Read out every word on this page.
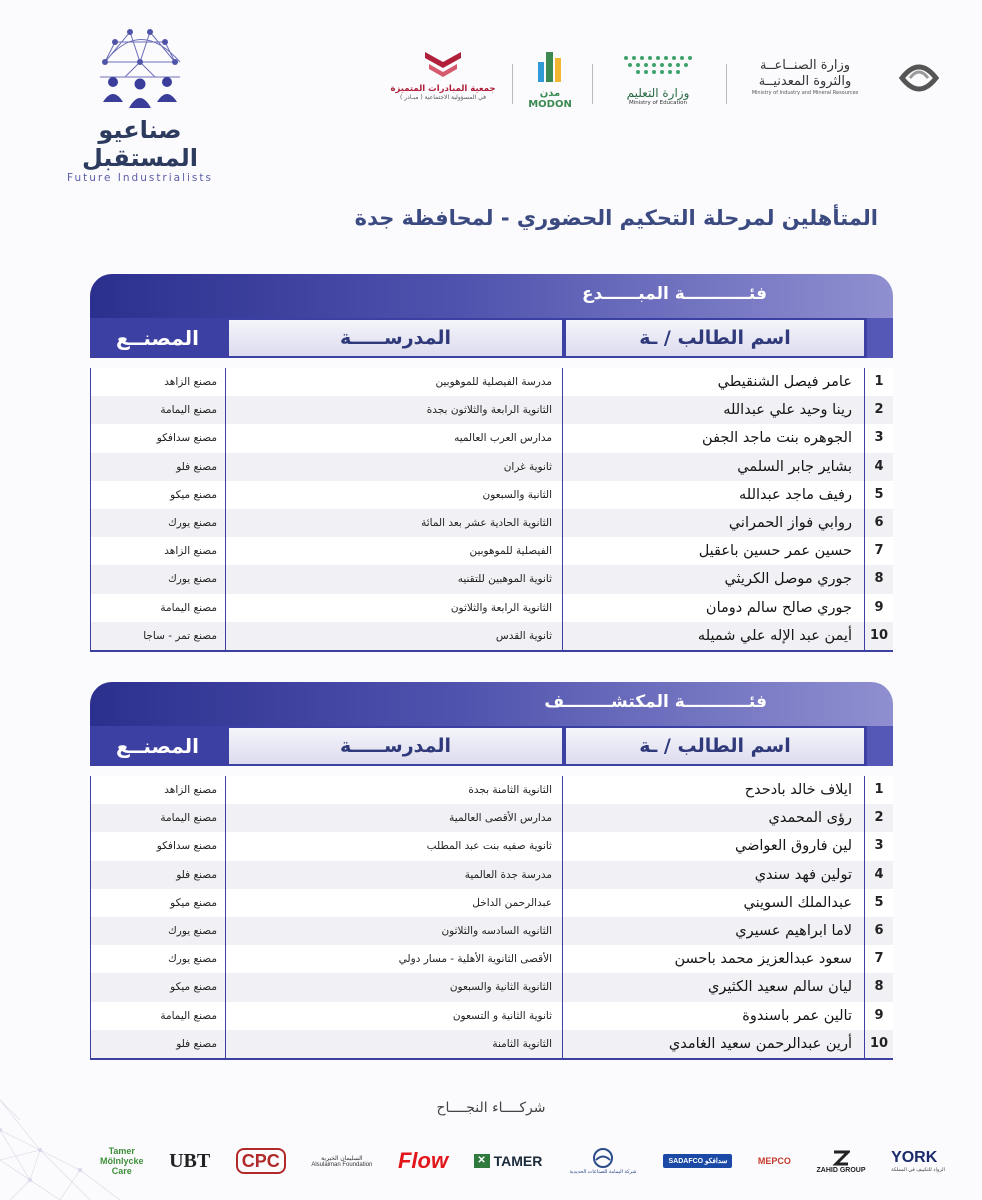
صناعيو المستقبل
Future Industrialists
وزارة الصنــاعــة
والثروة المعدنيــة
Ministry of Industry and Mineral Resources
وزارة التعليم
Ministry of Education
مدن
MODON
جمعية المبادرات المتميزة
في المسؤولية الاجتماعية ( مبـادر )
المتأهلين لمرحلة التحكيم الحضوري - لمحافظة جدة
فئـــــــــــة المبــــــدع
اسم الطالب / ـة
المدرســـــة
المصنــع
1
عامر فيصل الشنقيطي
مدرسة الفيصلية للموهوبين
مصنع الزاهد
2
رينا وحيد علي عبدالله
الثانوية الرابعة والثلاثون بجدة
مصنع اليمامة
3
الجوهره بنت ماجد الجفن
مدارس العرب العالميه
مصنع سدافكو
4
بشاير جابر السلمي
ثانوية غران
مصنع فلو
5
رفيف ماجد عبدالله
الثانية والسبعون
مصنع ميكو
6
روابي فواز الحمراني
الثانوية الحادية عشر بعد المائة
مصنع يورك
7
حسين عمر حسين باعقيل
الفيصلية للموهوبين
مصنع الزاهد
8
جوري موصل الكريثي
ثانوية الموهبين للتقنيه
مصنع يورك
9
جوري صالح سالم دومان
الثانوية الرابعة والثلاثون
مصنع اليمامة
10
أيمن عبد الإله علي شميله
ثانوية القدس
مصنع تمر - ساجا
فئـــــــــــة المكتشــــــــف
اسم الطالب / ـة
المدرســـــة
المصنــع
1
ايلاف خالد بادحدح
الثانوية الثامنة بجدة
مصنع الزاهد
2
رؤى المحمدي
مدارس الأقصى العالمية
مصنع اليمامة
3
لين فاروق العواضي
ثانوية صفيه بنت عبد المطلب
مصنع سدافكو
4
تولين فهد سندي
مدرسة جدة العالمية
مصنع فلو
5
عبدالملك السويني
عبدالرحمن الداخل
مصنع ميكو
6
لاما ابراهيم عسيري
الثانويه السادسه والثلاثون
مصنع يورك
7
سعود عبدالعزيز محمد باحسن
الأقصى الثانوية الأهلية - مسار دولي
مصنع يورك
8
ليان سالم سعيد الكثيري
الثانوية الثانية والسبعون
مصنع ميكو
9
تالين عمر باسندوة
ثانوية الثانية و التسعون
مصنع اليمامة
10
أرين عبدالرحمن سعيد الغامدي
الثانوية الثامنة
مصنع فلو
شركــــاء النجــــاح
YORK
الرواد للتكييف في المملكة
ZAHID GROUP
MEPCO
SADAFCO سدافكو
شركة اليمامة للصناعات الحديدية
✕ TAMER
Flow
السليمان الخيرية
Alsulaiman Foundation
CPC
UBT
Tamer
Mölnlycke
Care
